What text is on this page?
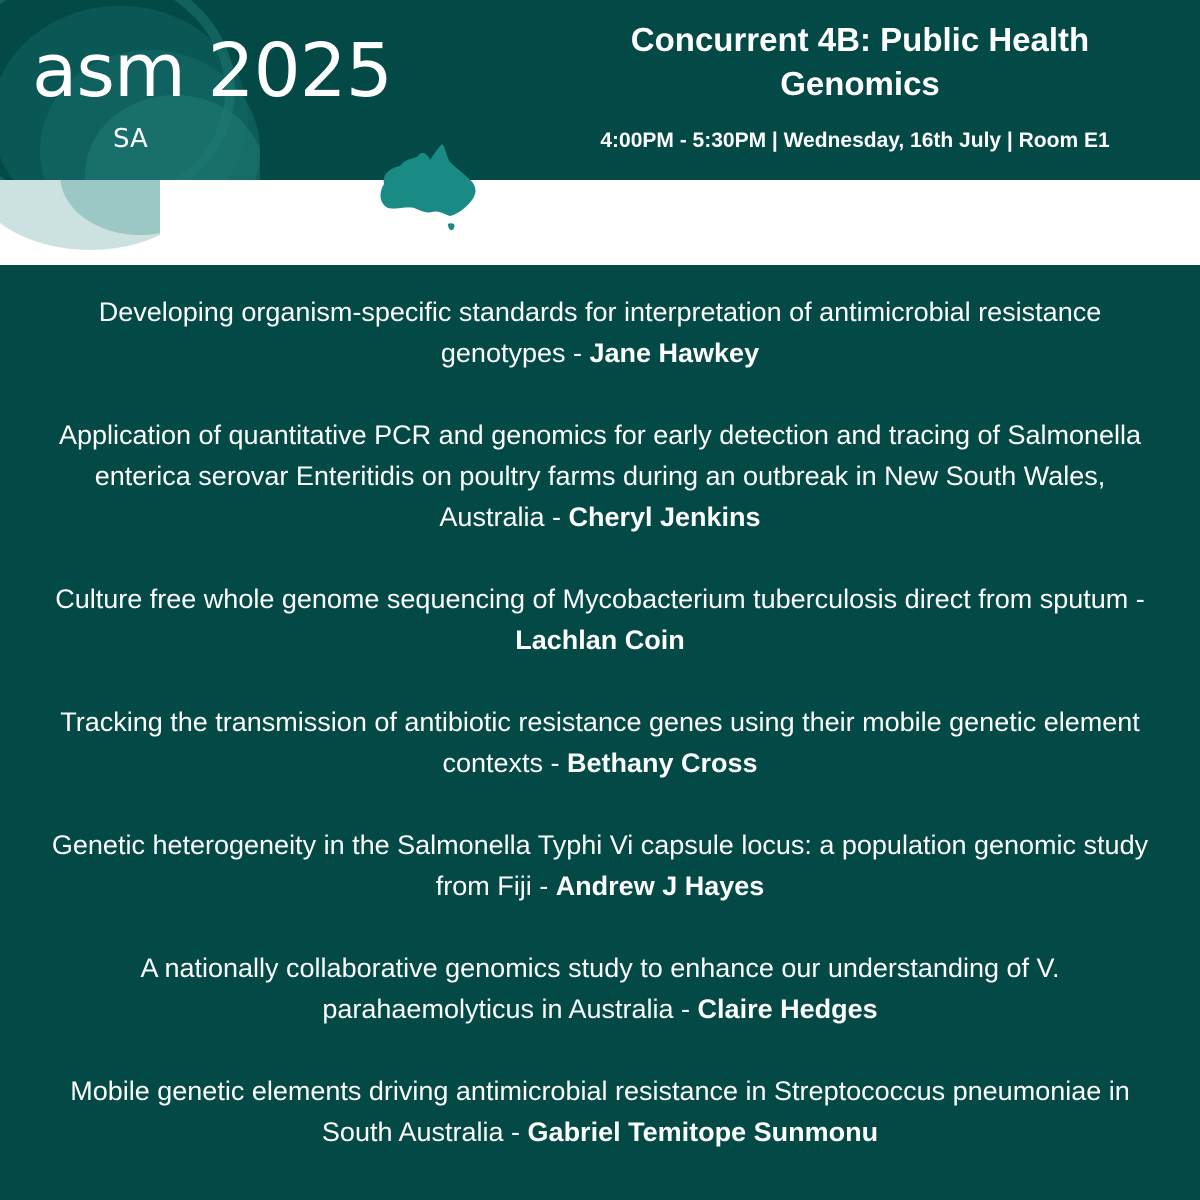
asm 2025
SA
Concurrent 4B: Public Health Genomics
4:00PM - 5:30PM | Wednesday, 16th July | Room E1
Developing organism-specific standards for interpretation of antimicrobial resistance genotypes - Jane Hawkey
Application of quantitative PCR and genomics for early detection and tracing of Salmonella enterica serovar Enteritidis on poultry farms during an outbreak in New South Wales, Australia - Cheryl Jenkins
Culture free whole genome sequencing of Mycobacterium tuberculosis direct from sputum - Lachlan Coin
Tracking the transmission of antibiotic resistance genes using their mobile genetic element contexts - Bethany Cross
Genetic heterogeneity in the Salmonella Typhi Vi capsule locus: a population genomic study from Fiji - Andrew J Hayes
A nationally collaborative genomics study to enhance our understanding of V. parahaemolyticus in Australia - Claire Hedges
Mobile genetic elements driving antimicrobial resistance in Streptococcus pneumoniae in South Australia - Gabriel Temitope Sunmonu
